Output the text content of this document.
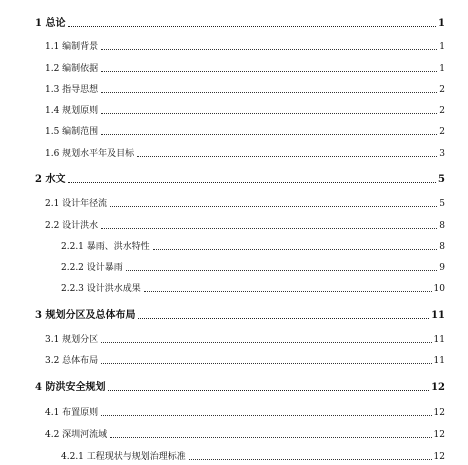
1 总论	1
1.1 编制背景	1
1.2 编制依据	1
1.3 指导思想	2
1.4 规划原则	2
1.5 编制范围	2
1.6 规划水平年及目标	3
2 水文	5
2.1 设计年径流	5
2.2 设计洪水	8
2.2.1 暴雨、洪水特性	8
2.2.2 设计暴雨	9
2.2.3 设计洪水成果	10
3 规划分区及总体布局	11
3.1 规划分区	11
3.2 总体布局	11
4 防洪安全规划	12
4.1 布置原则	12
4.2 深圳河流域	12
4.2.1 工程现状与规划治理标准	12
